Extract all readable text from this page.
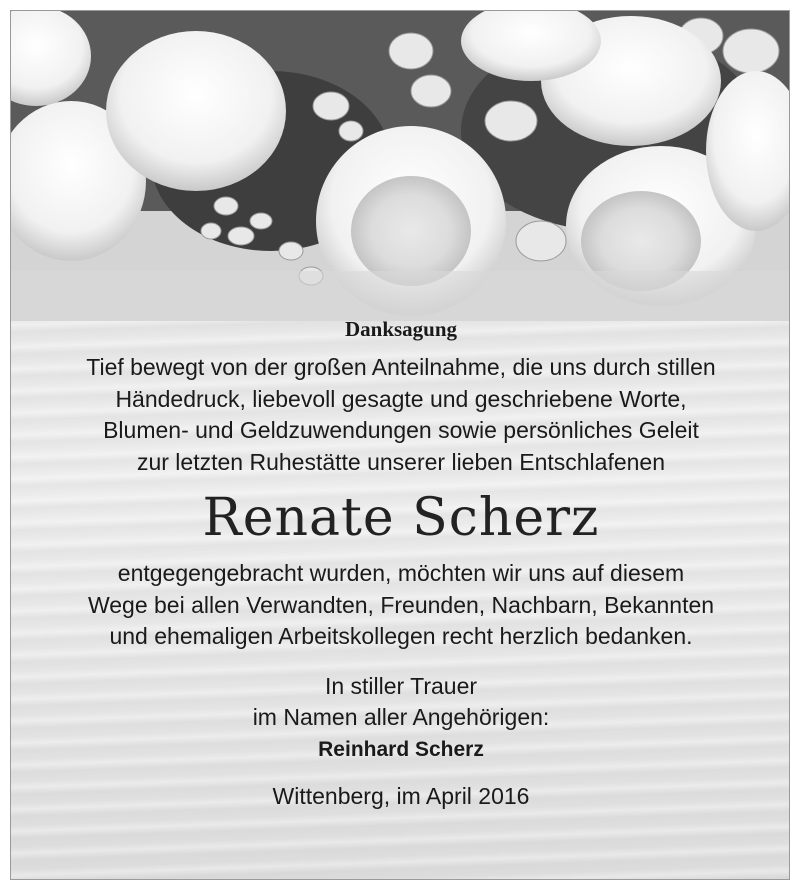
Danksagung

Tief bewegt von der großen Anteilnahme, die uns durch stillen

Händedruck, liebevoll gesagte und geschriebene Worte,

Blumen- und Geldzuwendungen sowie persönliches Geleit

zur letzten Ruhestätte unserer lieben Entschlafenen

Renate Scherz

entgegengebracht wurden, möchten wir uns auf diesem

Wege bei allen Verwandten, Freunden, Nachbarn, Bekannten

und ehemaligen Arbeitskollegen recht herzlich bedanken.

In stiller Trauer

im Namen aller Angehörigen:

Reinhard Scherz

Wittenberg, im April 2016
